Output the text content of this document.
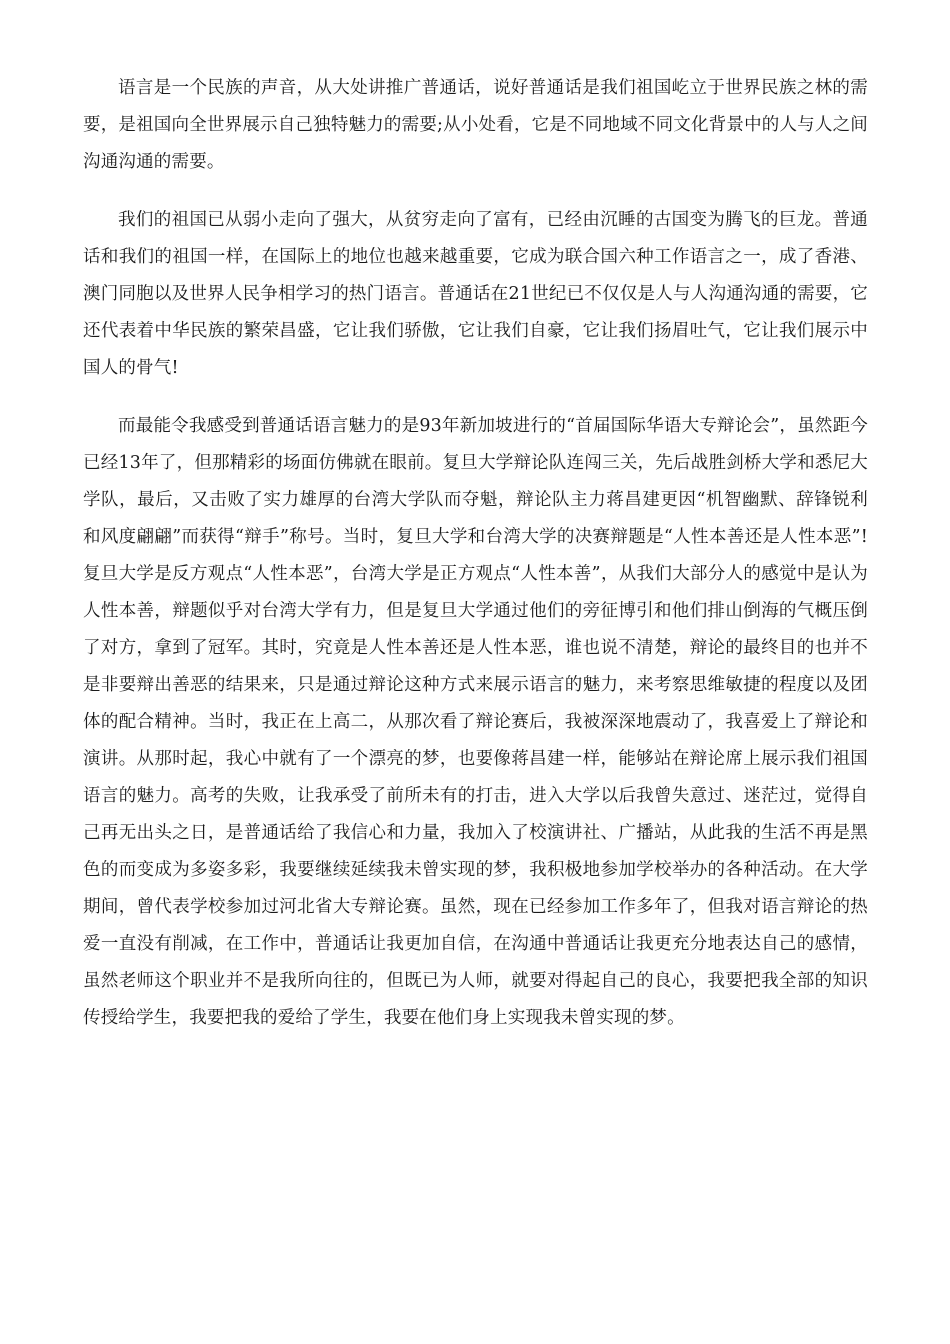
语言是一个民族的声音，从大处讲推广普通话，说好普通话是我们祖国屹立于世界民族之林的需要，是祖国向全世界展示自己独特魅力的需要;从小处看，它是不同地域不同文化背景中的人与人之间沟通沟通的需要。

我们的祖国已从弱小走向了强大，从贫穷走向了富有，已经由沉睡的古国变为腾飞的巨龙。普通话和我们的祖国一样，在国际上的地位也越来越重要，它成为联合国六种工作语言之一，成了香港、澳门同胞以及世界人民争相学习的热门语言。普通话在21世纪已不仅仅是人与人沟通沟通的需要，它还代表着中华民族的繁荣昌盛，它让我们骄傲，它让我们自豪，它让我们扬眉吐气，它让我们展示中国人的骨气!

而最能令我感受到普通话语言魅力的是93年新加坡进行的“首届国际华语大专辩论会”，虽然距今已经13年了，但那精彩的场面仿佛就在眼前。复旦大学辩论队连闯三关，先后战胜剑桥大学和悉尼大学队，最后，又击败了实力雄厚的台湾大学队而夺魁，辩论队主力蒋昌建更因“机智幽默、辞锋锐利和风度翩翩”而获得“辩手”称号。当时，复旦大学和台湾大学的决赛辩题是“人性本善还是人性本恶”!复旦大学是反方观点“人性本恶”，台湾大学是正方观点“人性本善”，从我们大部分人的感觉中是认为人性本善，辩题似乎对台湾大学有力，但是复旦大学通过他们的旁征博引和他们排山倒海的气概压倒了对方，拿到了冠军。其时，究竟是人性本善还是人性本恶，谁也说不清楚，辩论的最终目的也并不是非要辩出善恶的结果来，只是通过辩论这种方式来展示语言的魅力，来考察思维敏捷的程度以及团体的配合精神。当时，我正在上高二，从那次看了辩论赛后，我被深深地震动了，我喜爱上了辩论和演讲。从那时起，我心中就有了一个漂亮的梦，也要像蒋昌建一样，能够站在辩论席上展示我们祖国语言的魅力。高考的失败，让我承受了前所未有的打击，进入大学以后我曾失意过、迷茫过，觉得自己再无出头之日，是普通话给了我信心和力量，我加入了校演讲社、广播站，从此我的生活不再是黑色的而变成为多姿多彩，我要继续延续我未曾实现的梦，我积极地参加学校举办的各种活动。在大学期间，曾代表学校参加过河北省大专辩论赛。虽然，现在已经参加工作多年了，但我对语言辩论的热爱一直没有削减，在工作中，普通话让我更加自信，在沟通中普通话让我更充分地表达自己的感情，虽然老师这个职业并不是我所向往的，但既已为人师，就要对得起自己的良心，我要把我全部的知识传授给学生，我要把我的爱给了学生，我要在他们身上实现我未曾实现的梦。
